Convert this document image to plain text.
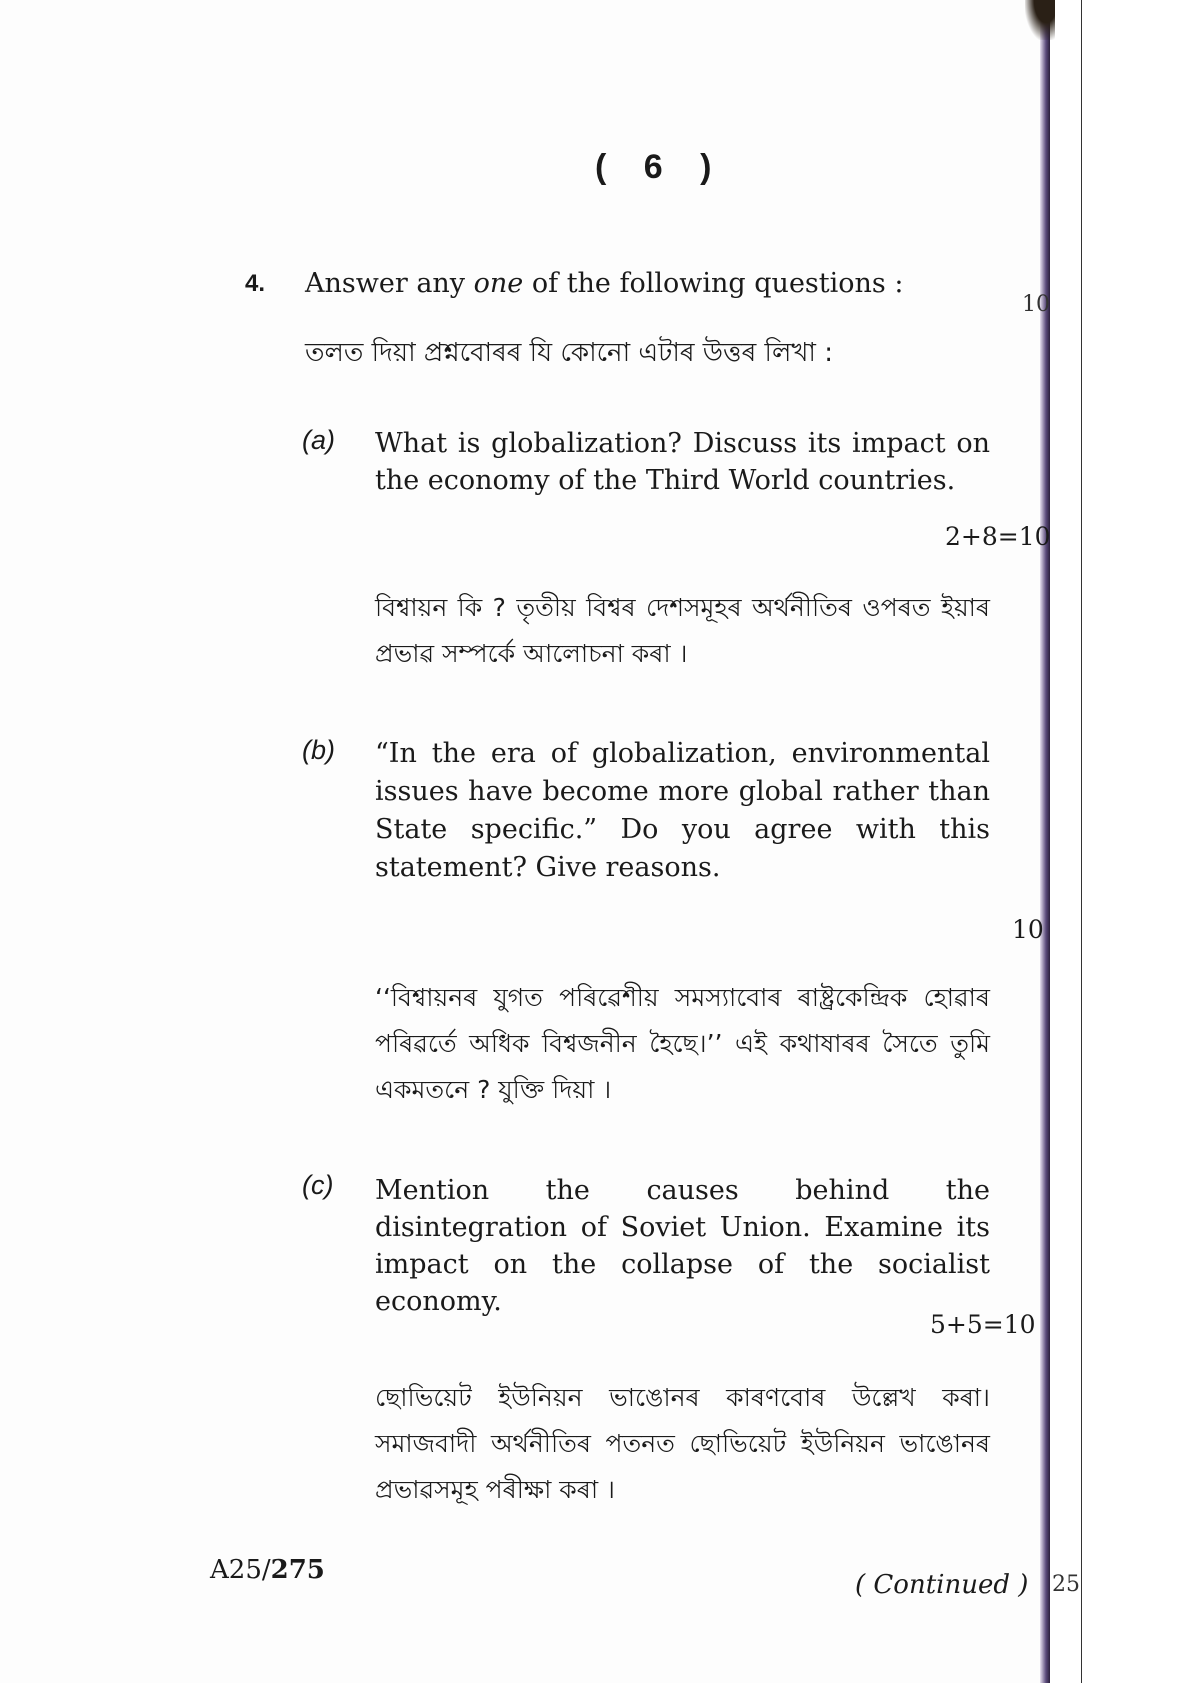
( 6 )
4. Answer any one of the following questions :
10
তলত দিয়া প্ৰশ্নবোৰৰ যি কোনো এটাৰ উত্তৰ লিখা :
(a) What is globalization? Discuss its impact on the economy of the Third World countries.

2+8=10
বিশ্বায়ন কি ? তৃতীয় বিশ্বৰ দেশসমূহৰ অৰ্থনীতিৰ ওপৰত ইয়াৰ প্ৰভাৱ সম্পৰ্কে আলোচনা কৰা ।
(b) “In the era of globalization, environmental issues have become more global rather than State specific.” Do you agree with this statement? Give reasons.

10
‘‘বিশ্বায়নৰ যুগত পৰিৱেশীয় সমস্যাবোৰ ৰাষ্ট্ৰকেন্দ্ৰিক হোৱাৰ পৰিৱৰ্তে অধিক বিশ্বজনীন হৈছে।’’ এই কথাষাৰৰ সৈতে তুমি একমতনে ? যুক্তি দিয়া ।
(c) Mention the causes behind the disintegration of Soviet Union. Examine its impact on the collapse of the socialist economy.

5+5=10
ছোভিয়েট ইউনিয়ন ভাঙোনৰ কাৰণবোৰ উল্লেখ কৰা। সমাজবাদী অৰ্থনীতিৰ পতনত ছোভিয়েট ইউনিয়ন ভাঙোনৰ প্ৰভাৱসমূহ পৰীক্ষা কৰা ।
A25/275	( Continued ) 25
